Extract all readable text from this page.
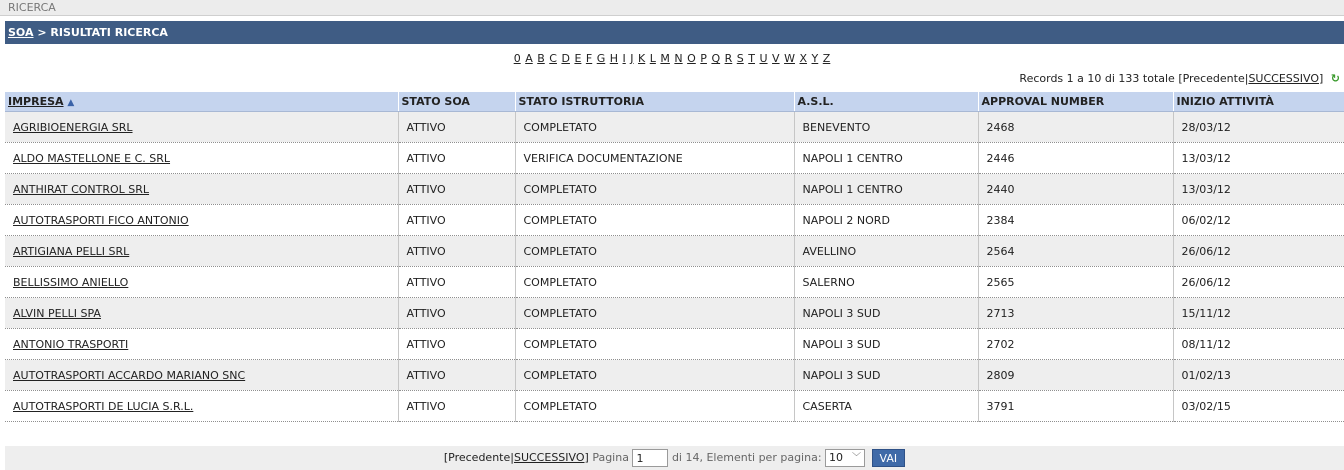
RICERCA
SOA > RISULTATI RICERCA
0 A B C D E F G H I J K L M N O P Q R S T U V W X Y Z
Records 1 a 10 di 133 totale [Precedente|SUCCESSIVO] ↻
IMPRESA ▲	STATO SOA	STATO ISTRUTTORIA	A.S.L.	APPROVAL NUMBER	INIZIO ATTIVITÀ
AGRIBIOENERGIA SRL	ATTIVO	COMPLETATO	BENEVENTO	2468	28/03/12
ALDO MASTELLONE E C. SRL	ATTIVO	VERIFICA DOCUMENTAZIONE	NAPOLI 1 CENTRO	2446	13/03/12
ANTHIRAT CONTROL SRL	ATTIVO	COMPLETATO	NAPOLI 1 CENTRO	2440	13/03/12
AUTOTRASPORTI FICO ANTONIO	ATTIVO	COMPLETATO	NAPOLI 2 NORD	2384	06/02/12
ARTIGIANA PELLI SRL	ATTIVO	COMPLETATO	AVELLINO	2564	26/06/12
BELLISSIMO ANIELLO	ATTIVO	COMPLETATO	SALERNO	2565	26/06/12
ALVIN PELLI SPA	ATTIVO	COMPLETATO	NAPOLI 3 SUD	2713	15/11/12
ANTONIO TRASPORTI	ATTIVO	COMPLETATO	NAPOLI 3 SUD	2702	08/11/12
AUTOTRASPORTI ACCARDO MARIANO SNC	ATTIVO	COMPLETATO	NAPOLI 3 SUD	2809	01/02/13
AUTOTRASPORTI DE LUCIA S.R.L.	ATTIVO	COMPLETATO	CASERTA	3791	03/02/15
[Precedente|SUCCESSIVO] Pagina 1	di 14, Elementi per pagina: 10 ﹀ VAI
